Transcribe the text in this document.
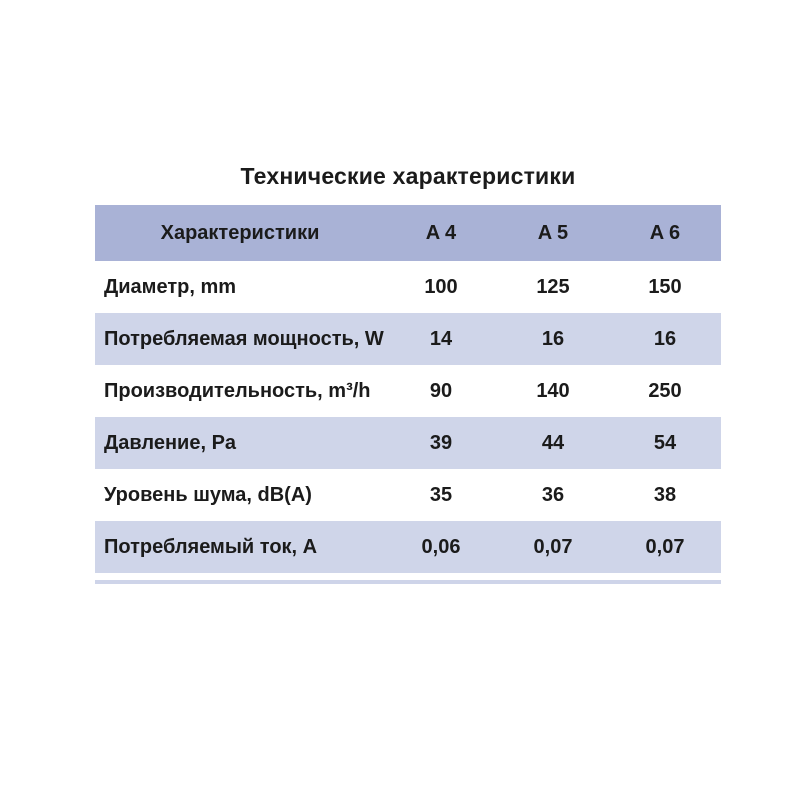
Технические характеристики
Характеристики	A 4	A 5	A 6
Диаметр, mm	100	125	150
Потребляемая мощность, W	14	16	16
Производительность, m³/h	90	140	250
Давление, Pa	39	44	54
Уровень шума, dB(A)	35	36	38
Потребляемый ток, A	0,06	0,07	0,07
